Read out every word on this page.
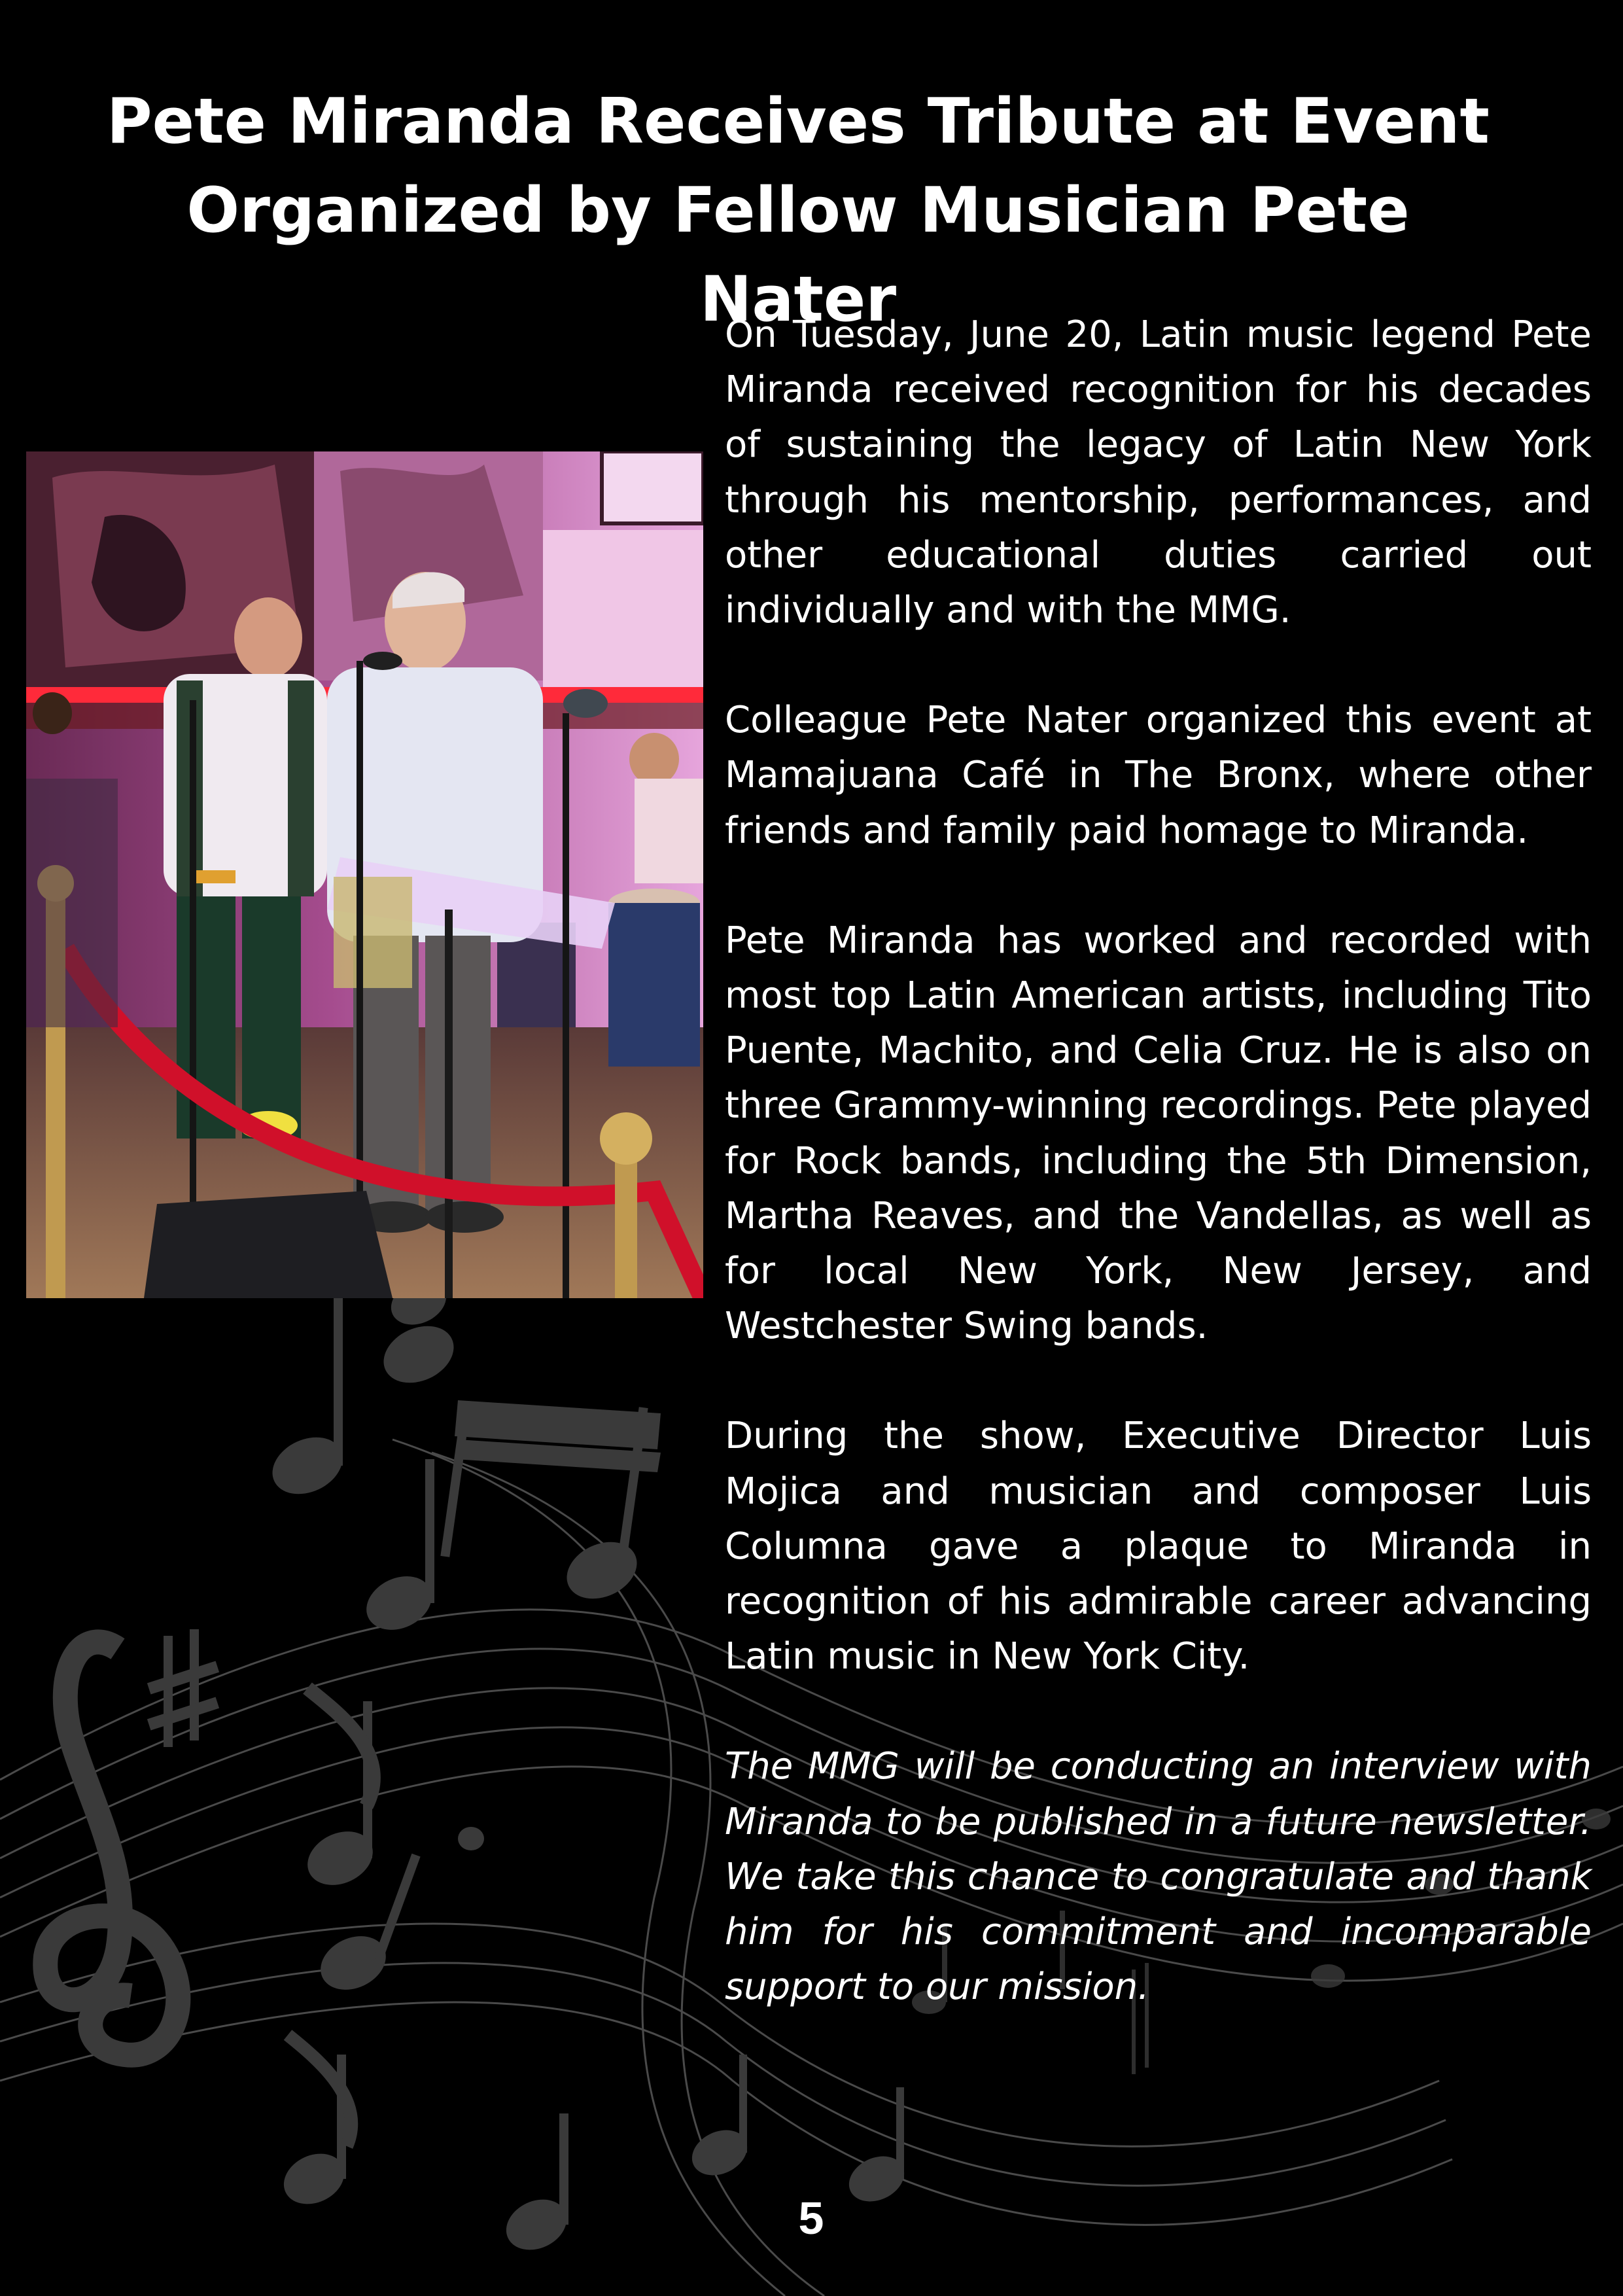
Pete Miranda Receives Tribute at Event
Organized by Fellow Musician Pete Nater

On Tuesday, June 20, Latin music legend Pete Miranda received recognition for his decades of sustaining the legacy of Latin New York through his mentorship, performances, and other educational duties carried out individually and with the MMG.

Colleague Pete Nater organized this event at Mamajuana Café in The Bronx, where other friends and family paid homage to Miranda.

Pete Miranda has worked and recorded with most top Latin American artists, including Tito Puente, Machito, and Celia Cruz. He is also on three Grammy-winning recordings. Pete played for Rock bands, including the 5th Dimension, Martha Reaves, and the Vandellas, as well as for local New York, New Jersey, and Westchester Swing bands.

During the show, Executive Director Luis Mojica and musician and composer Luis Columna gave a plaque to Miranda in recognition of his admirable career advancing Latin music in New York City.

The MMG will be conducting an interview with Miranda to be published in a future newsletter. We take this chance to congratulate and thank him for his commitment and incomparable support to our mission.

5
